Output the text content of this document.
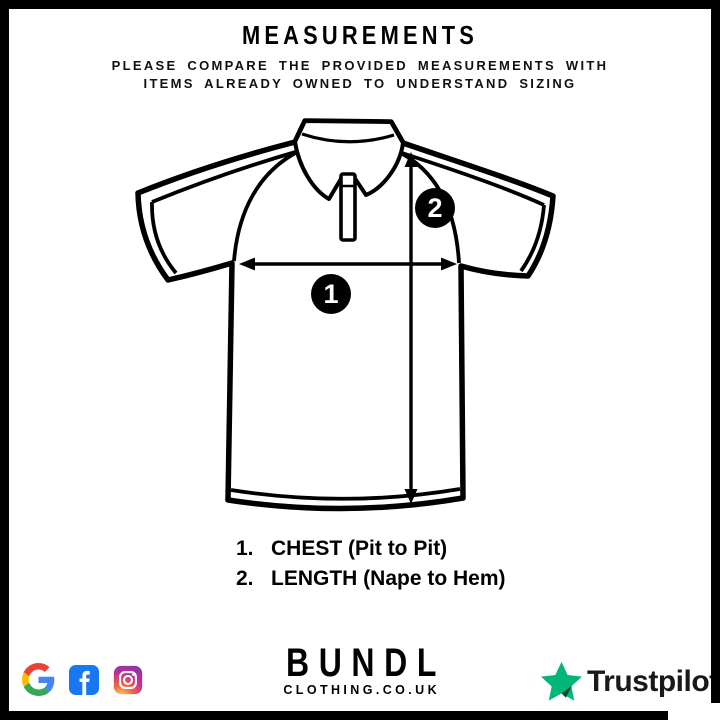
MEASUREMENTS

PLEASE COMPARE THE PROVIDED MEASUREMENTS WITH

ITEMS ALREADY OWNED TO UNDERSTAND SIZING

1
2
1. CHEST (Pit to Pit)
2. LENGTH (Nape to Hem)
BUNDL
CLOTHING.CO.UK	Trustpilot
